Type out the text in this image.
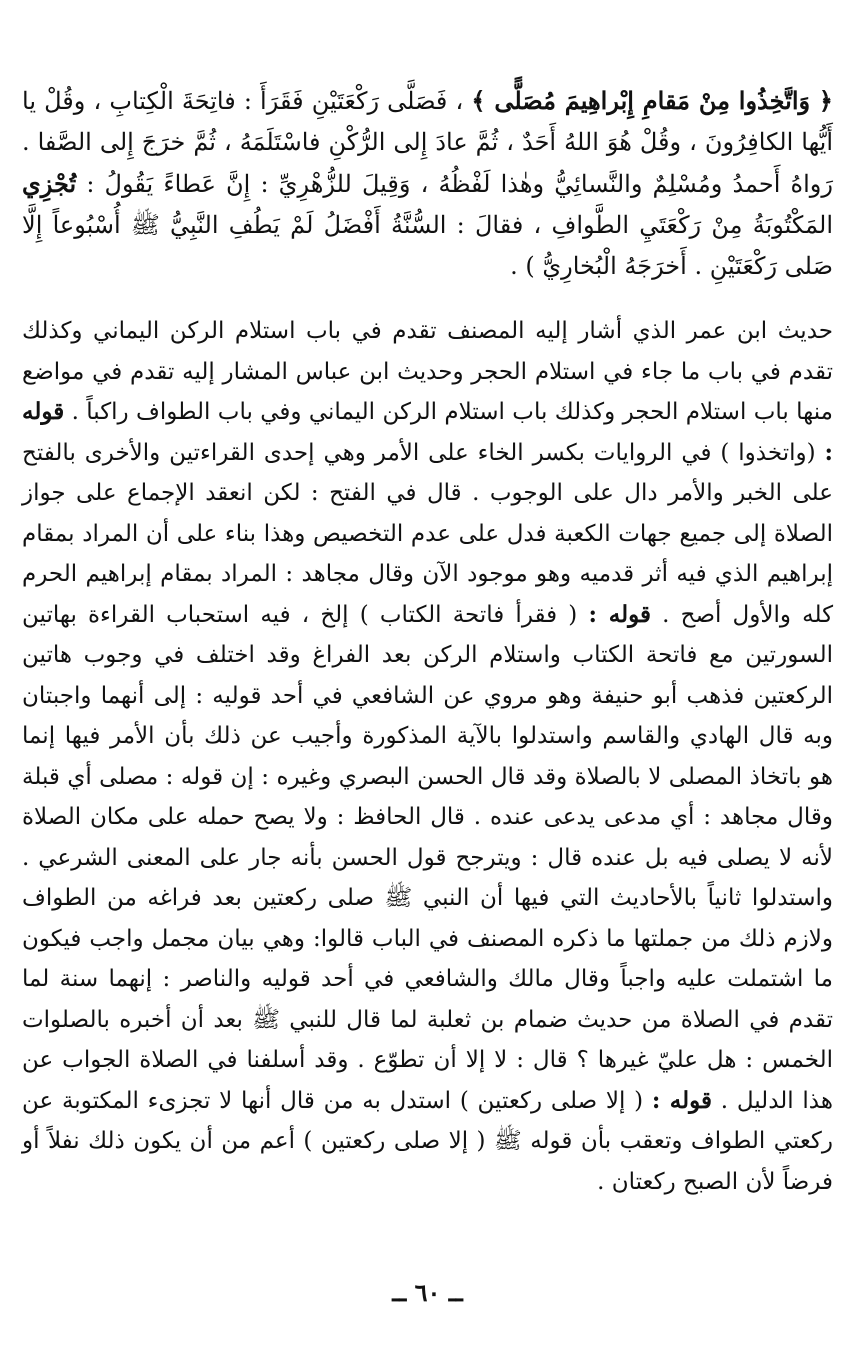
﴿ وَاتَّخِذُوا مِنْ مَقامِ إِبْراهِيمَ مُصَلًّى ﴾ ، فَصَلَّى رَكْعَتَيْنِ فَقَرَأَ : فاتِحَةَ الْكِتابِ ، وقُلْ يا أَيُّها الكافِرُونَ ، وقُلْ هُوَ اللهُ أَحَدٌ ، ثُمَّ عادَ إِلى الرُّكْنِ فاسْتَلَمَهُ ، ثُمَّ خرَجَ إِلى الصَّفا . رَواهُ أَحمدُ ومُسْلِمٌ والنَّسائِيُّ وهٰذا لَفْظُهُ ، وَقِيلَ للزُّهْرِيِّ : إِنَّ عَطاءً يَقُولُ : تُجْزِي المَكْتُوبَةُ مِنْ رَكْعَتَيِ الطَّوافِ ، فقالَ : السُّنَّةُ أَفْضَلُ لَمْ يَطُفِ النَّبِيُّ ﷺ أُسْبُوعاً إِلَّا صَلى رَكْعَتَيْنِ . أَخرَجَهُ الْبُخارِيُّ ) .

حديث ابن عمر الذي أشار إليه المصنف تقدم في باب استلام الركن اليماني وكذلك تقدم في باب ما جاء في استلام الحجر وحديث ابن عباس المشار إليه تقدم في مواضع منها باب استلام الحجر وكذلك باب استلام الركن اليماني وفي باب الطواف راكباً . قوله : (واتخذوا ) في الروايات بكسر الخاء على الأمر وهي إحدى القراءتين والأخرى بالفتح على الخبر والأمر دال على الوجوب . قال في الفتح : لكن انعقد الإجماع على جواز الصلاة إلى جميع جهات الكعبة فدل على عدم التخصيص وهذا بناء على أن المراد بمقام إبراهيم الذي فيه أثر قدميه وهو موجود الآن وقال مجاهد : المراد بمقام إبراهيم الحرم كله والأول أصح . قوله : ( فقرأ فاتحة الكتاب ) إلخ ، فيه استحباب القراءة بهاتين السورتين مع فاتحة الكتاب واستلام الركن بعد الفراغ وقد اختلف في وجوب هاتين الركعتين فذهب أبو حنيفة وهو مروي عن الشافعي في أحد قوليه : إلى أنهما واجبتان وبه قال الهادي والقاسم واستدلوا بالآية المذكورة وأجيب عن ذلك بأن الأمر فيها إنما هو باتخاذ المصلى لا بالصلاة وقد قال الحسن البصري وغيره : إن قوله : مصلى أي قبلة وقال مجاهد : أي مدعى يدعى عنده . قال الحافظ : ولا يصح حمله على مكان الصلاة لأنه لا يصلى فيه بل عنده قال : ويترجح قول الحسن بأنه جار على المعنى الشرعي . واستدلوا ثانياً بالأحاديث التي فيها أن النبي ﷺ صلى ركعتين بعد فراغه من الطواف ولازم ذلك من جملتها ما ذكره المصنف في الباب قالوا: وهي بيان مجمل واجب فيكون ما اشتملت عليه واجباً وقال مالك والشافعي في أحد قوليه والناصر : إنهما سنة لما تقدم في الصلاة من حديث ضمام بن ثعلبة لما قال للنبي ﷺ بعد أن أخبره بالصلوات الخمس : هل عليّ غيرها ؟ قال : لا إلا أن تطوّع . وقد أسلفنا في الصلاة الجواب عن هذا الدليل . قوله : ( إلا صلى ركعتين ) استدل به من قال أنها لا تجزىء المكتوبة عن ركعتي الطواف وتعقب بأن قوله ﷺ ( إلا صلى ركعتين ) أعم من أن يكون ذلك نفلاً أو فرضاً لأن الصبح ركعتان .

ــ ٦٠ ــ
